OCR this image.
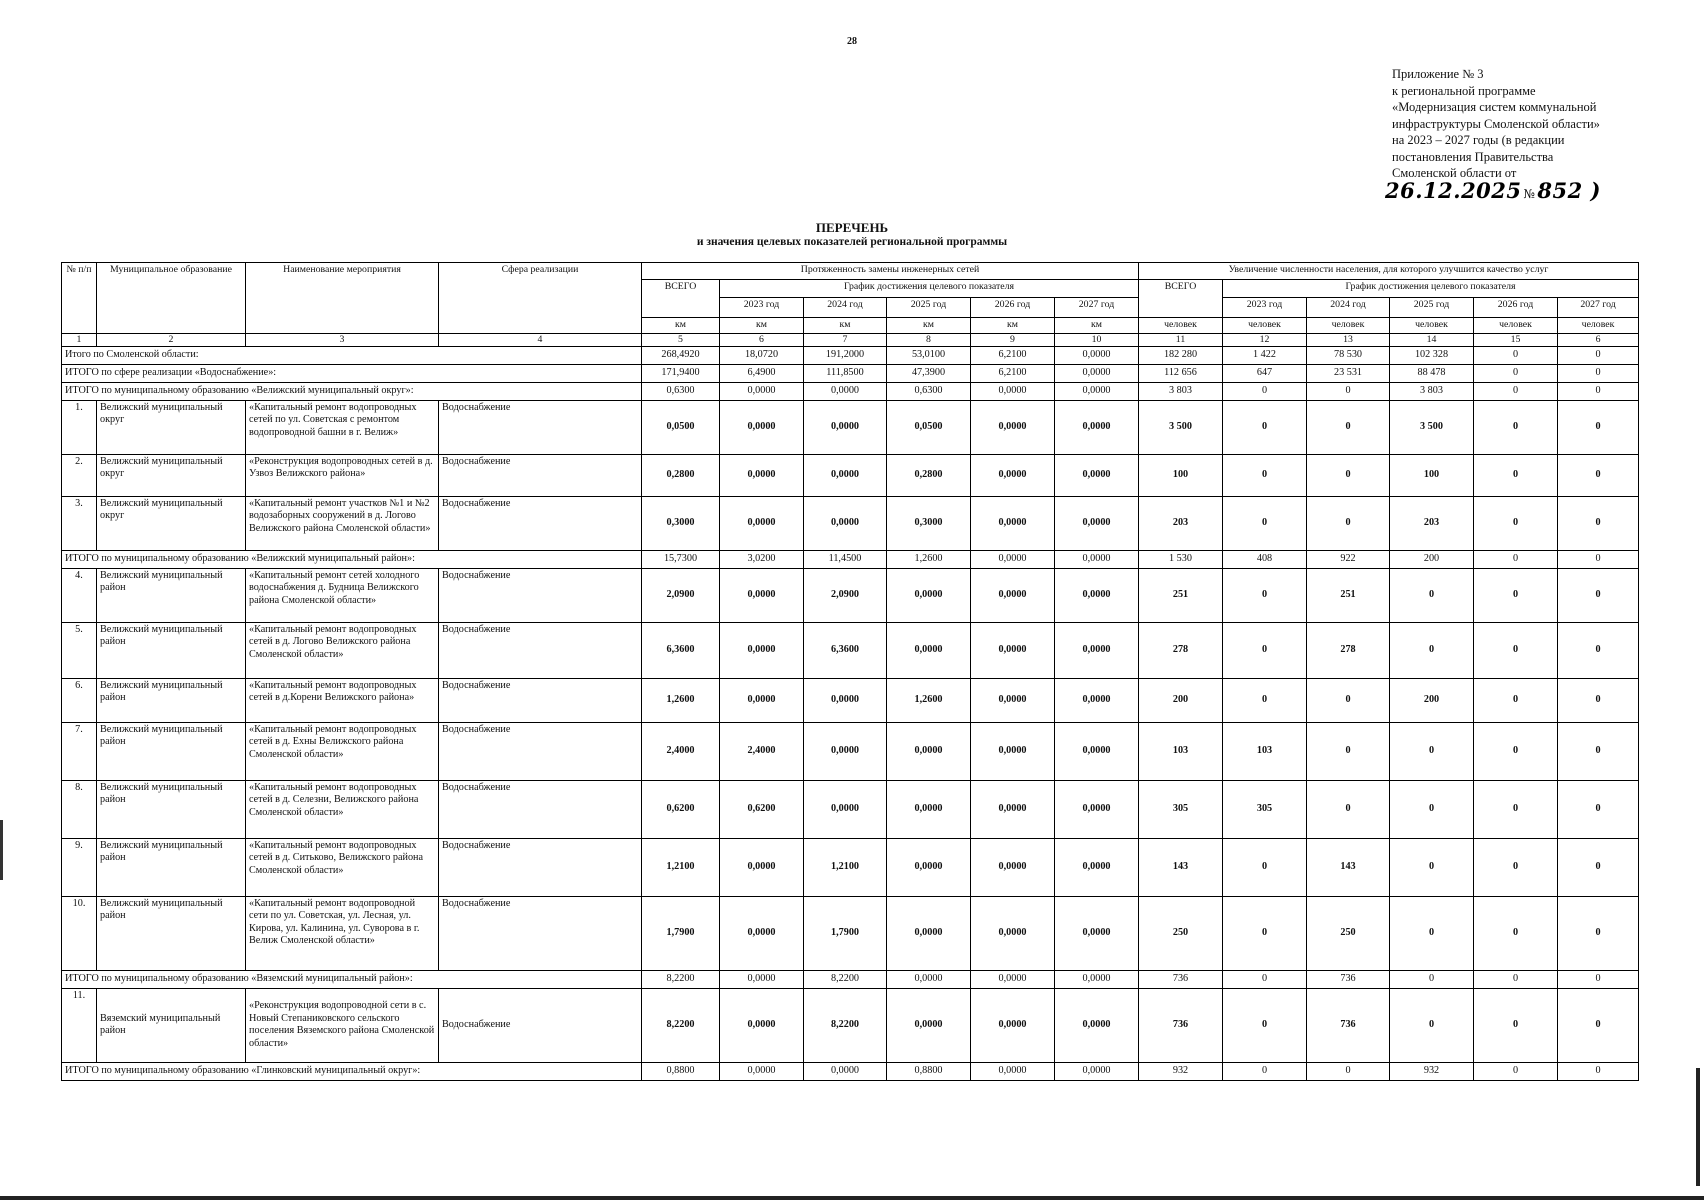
28
Приложение № 3
к региональной программе
«Модернизация систем коммунальной
инфраструктуры Смоленской области»
на 2023 – 2027 годы (в редакции
постановления Правительства
Смоленской области от
26.12.2025 №852 )
ПЕРЕЧЕНЬ
и значения целевых показателей региональной программы
№ п/п	Муниципальное образование	Наименование мероприятия	Сфера реализации	Протяженность замены инженерных сетей						Увеличение численности населения, для которого улучшится качество услуг					
				ВСЕГО	График достижения целевого показателя					ВСЕГО	График достижения целевого показателя				
					2023 год	2024 год	2025 год	2026 год	2027 год		2023 год	2024 год	2025 год	2026 год	2027 год
				км	км	км	км	км	км	человек	человек	человек	человек	человек	человек
1	2	3	4	5	6	7	8	9	10	11	12	13	14	15	6
Итого по Смоленской области:				268,4920	18,0720	191,2000	53,0100	6,2100	0,0000	182 280	1 422	78 530	102 328	0	0
ИТОГО по сфере реализации «Водоснабжение»:				171,9400	6,4900	111,8500	47,3900	6,2100	0,0000	112 656	647	23 531	88 478	0	0
ИТОГО по муниципальному образованию «Велижский муниципальный округ»:				0,6300	0,0000	0,0000	0,6300	0,0000	0,0000	3 803	0	0	3 803	0	0
1.	Велижский муниципальный округ	«Капитальный ремонт водопроводных сетей по ул. Советская с ремонтом водопроводной башни в г. Велиж»	Водоснабжение	0,0500	0,0000	0,0000	0,0500	0,0000	0,0000	3 500	0	0	3 500	0	0
2.	Велижский муниципальный округ	«Реконструкция водопроводных сетей в д. Узвоз Велижского района»	Водоснабжение	0,2800	0,0000	0,0000	0,2800	0,0000	0,0000	100	0	0	100	0	0
3.	Велижский муниципальный округ	«Капитальный ремонт участков №1 и №2 водозаборных сооружений в д. Логово Велижского района Смоленской области»	Водоснабжение	0,3000	0,0000	0,0000	0,3000	0,0000	0,0000	203	0	0	203	0	0
ИТОГО по муниципальному образованию «Велижский муниципальный район»:				15,7300	3,0200	11,4500	1,2600	0,0000	0,0000	1 530	408	922	200	0	0
4.	Велижский муниципальный район	«Капитальный ремонт сетей холодного водоснабжения д. Будница Велижского района Смоленской области»	Водоснабжение	2,0900	0,0000	2,0900	0,0000	0,0000	0,0000	251	0	251	0	0	0
5.	Велижский муниципальный район	«Капитальный ремонт водопроводных сетей в д. Логово Велижского района Смоленской области»	Водоснабжение	6,3600	0,0000	6,3600	0,0000	0,0000	0,0000	278	0	278	0	0	0
6.	Велижский муниципальный район	«Капитальный ремонт водопроводных сетей в д.Корени Велижского района»	Водоснабжение	1,2600	0,0000	0,0000	1,2600	0,0000	0,0000	200	0	0	200	0	0
7.	Велижский муниципальный район	«Капитальный ремонт водопроводных сетей в д. Ехны Велижского района Смоленской области»	Водоснабжение	2,4000	2,4000	0,0000	0,0000	0,0000	0,0000	103	103	0	0	0	0
8.	Велижский муниципальный район	«Капитальный ремонт водопроводных сетей в д. Селезни, Велижского района Смоленской области»	Водоснабжение	0,6200	0,6200	0,0000	0,0000	0,0000	0,0000	305	305	0	0	0	0
9.	Велижский муниципальный район	«Капитальный ремонт водопроводных сетей в д. Ситьково, Велижского района Смоленской области»	Водоснабжение	1,2100	0,0000	1,2100	0,0000	0,0000	0,0000	143	0	143	0	0	0
10.	Велижский муниципальный район	«Капитальный ремонт водопроводной сети по ул. Советская, ул. Лесная, ул. Кирова, ул. Калинина, ул. Суворова в г. Велиж Смоленской области»	Водоснабжение	1,7900	0,0000	1,7900	0,0000	0,0000	0,0000	250	0	250	0	0	0
ИТОГО по муниципальному образованию «Вяземский муниципальный район»:				8,2200	0,0000	8,2200	0,0000	0,0000	0,0000	736	0	736	0	0	0
11.	Вяземский муниципальный район	«Реконструкция водопроводной сети в с. Новый Степаниковского сельского поселения Вяземского района Смоленской области»	Водоснабжение	8,2200	0,0000	8,2200	0,0000	0,0000	0,0000	736	0	736	0	0	0
ИТОГО по муниципальному образованию «Глинковский муниципальный округ»:				0,8800	0,0000	0,0000	0,8800	0,0000	0,0000	932	0	0	932	0	0
